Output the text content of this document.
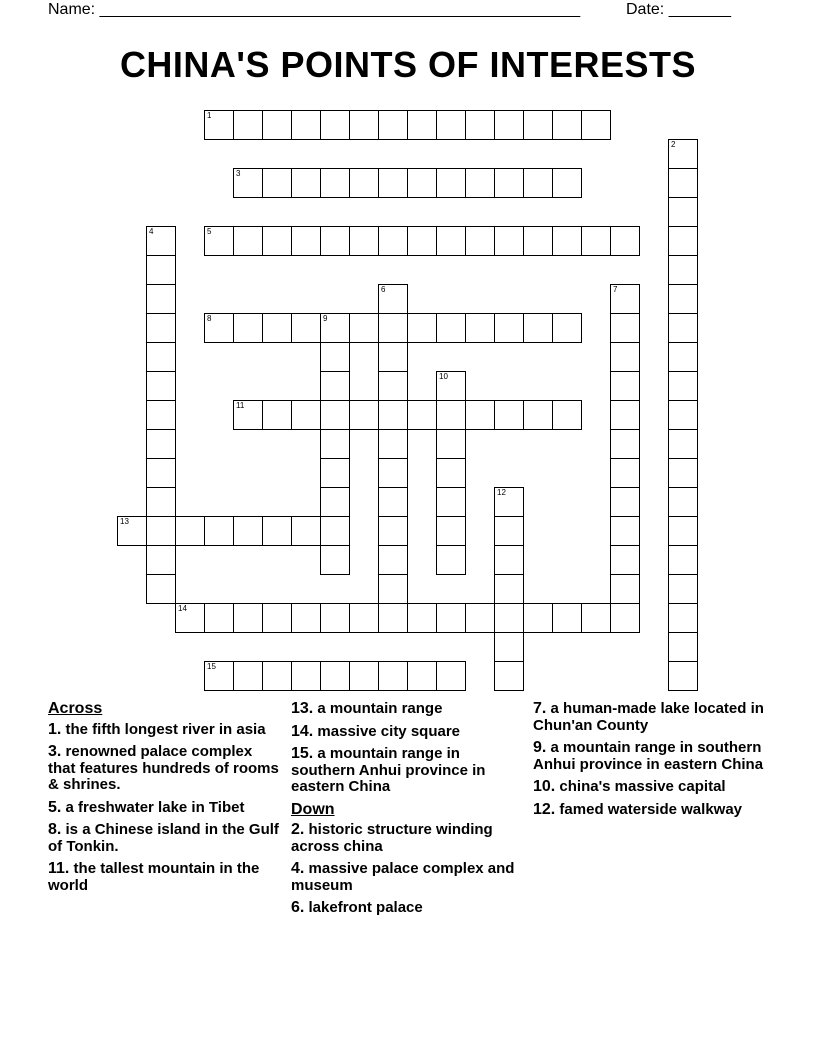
Name: ______________________________________________________	Date: _______
CHINA'S POINTS OF INTERESTS
1
2
3
4	5
6	7
8	9
10
11
12
13
14
15
Across
1. the fifth longest river in asia
3. renowned palace complex that features hundreds of rooms & shrines.
5. a freshwater lake in Tibet
8. is a Chinese island in the Gulf of Tonkin.
11. the tallest mountain in the world
13. a mountain range
14. massive city square
15. a mountain range in southern Anhui province in eastern China
Down
2. historic structure winding across china
4. massive palace complex and museum
6. lakefront palace
7. a human-made lake located in Chun'an County
9. a mountain range in southern Anhui province in eastern China
10. china's massive capital
12. famed waterside walkway
